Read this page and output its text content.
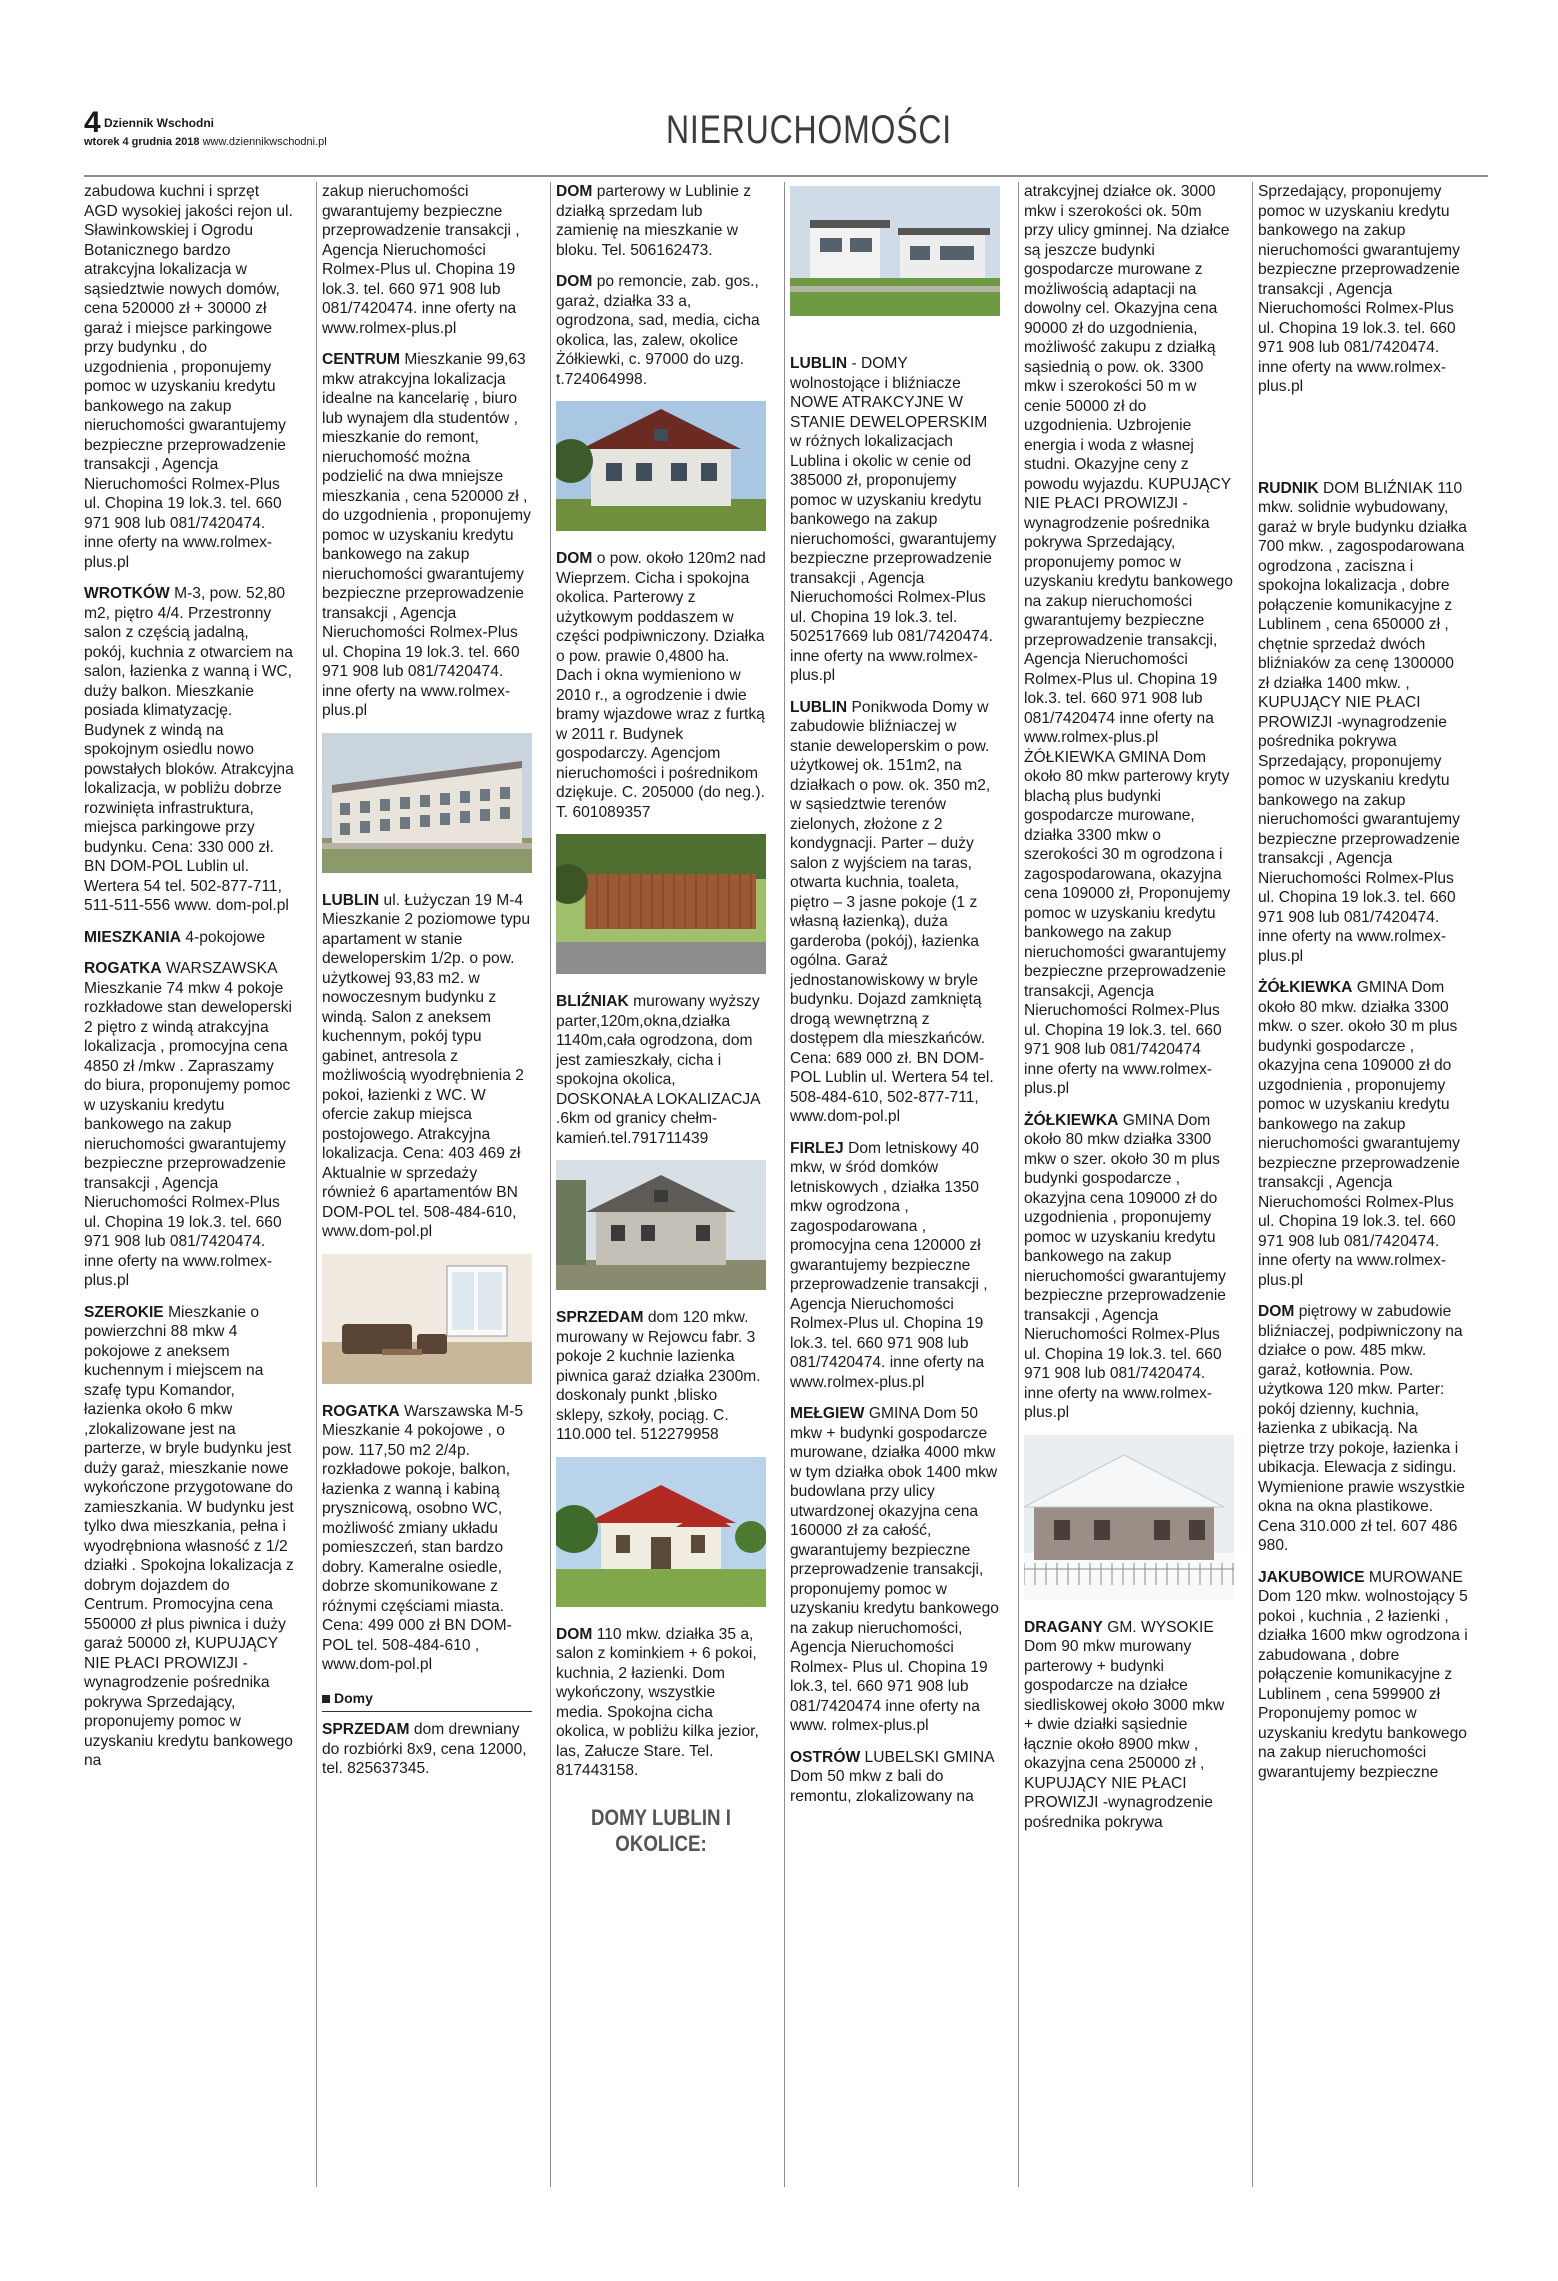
4 Dziennik Wschodni
wtorek 4 grudnia 2018 www.dziennikwschodni.pl	NIERUCHOMOŚCI

zabudowa kuchni i sprzęt AGD wysokiej jakości rejon ul. Sławinkowskiej i Ogrodu Botanicznego bardzo atrakcyjna lokalizacja w sąsiedztwie nowych domów, cena 520000 zł + 30000 zł garaż i miejsce parkingowe przy budynku , do uzgodnienia , proponujemy pomoc w uzyskaniu kredytu bankowego na zakup nieruchomości gwarantujemy bezpieczne przeprowadzenie transakcji , Agencja Nieruchomości Rolmex-Plus ul. Chopina 19 lok.3. tel. 660 971 908 lub 081/7420474. inne oferty na www.rolmex-plus.pl

WROTKÓW M-3, pow. 52,80 m2, piętro 4/4. Przestronny salon z częścią jadalną, pokój, kuchnia z otwarciem na salon, łazienka z wanną i WC, duży balkon. Mieszkanie posiada klimatyzację. Budynek z windą na spokojnym osiedlu nowo powstałych bloków. Atrakcyjna lokalizacja, w pobliżu dobrze rozwinięta infrastruktura, miejsca parkingowe przy budynku. Cena: 330 000 zł. BN DOM-POL Lublin ul. Wertera 54 tel. 502-877-711, 511-511-556 www. dom-pol.pl

MIESZKANIA 4-pokojowe

ROGATKA WARSZAWSKA Mieszkanie 74 mkw 4 pokoje rozkładowe stan deweloperski 2 piętro z windą atrakcyjna lokalizacja , promocyjna cena 4850 zł /mkw . Zapraszamy do biura, proponujemy pomoc w uzyskaniu kredytu bankowego na zakup nieruchomości gwarantujemy bezpieczne przeprowadzenie transakcji , Agencja Nieruchomości Rolmex-Plus ul. Chopina 19 lok.3. tel. 660 971 908 lub 081/7420474. inne oferty na www.rolmex-plus.pl

SZEROKIE Mieszkanie o powierzchni 88 mkw 4 pokojowe z aneksem kuchennym i miejscem na szafę typu Komandor, łazienka około 6 mkw ,zlokalizowane jest na parterze, w bryle budynku jest duży garaż, mieszkanie nowe wykończone przygotowane do zamieszkania. W budynku jest tylko dwa mieszkania, pełna i wyodrębniona własność z 1/2 działki . Spokojna lokalizacja z dobrym dojazdem do Centrum. Promocyjna cena 550000 zł plus piwnica i duży garaż 50000 zł, KUPUJĄCY NIE PŁACI PROWIZJI -wynagrodzenie pośrednika pokrywa Sprzedający, proponujemy pomoc w uzyskaniu kredytu bankowego na

zakup nieruchomości gwarantujemy bezpieczne przeprowadzenie transakcji , Agencja Nieruchomości Rolmex-Plus ul. Chopina 19 lok.3. tel. 660 971 908 lub 081/7420474. inne oferty na www.rolmex-plus.pl

CENTRUM Mieszkanie 99,63 mkw atrakcyjna lokalizacja idealne na kancelarię , biuro lub wynajem dla studentów , mieszkanie do remont, nieruchomość można podzielić na dwa mniejsze mieszkania , cena 520000 zł , do uzgodnienia , proponujemy pomoc w uzyskaniu kredytu bankowego na zakup nieruchomości gwarantujemy bezpieczne przeprowadzenie transakcji , Agencja Nieruchomości Rolmex-Plus ul. Chopina 19 lok.3. tel. 660 971 908 lub 081/7420474. inne oferty na www.rolmex-plus.pl

LUBLIN ul. Łużyczan 19 M-4 Mieszkanie 2 poziomowe typu apartament w stanie deweloperskim 1/2p. o pow. użytkowej 93,83 m2. w nowoczesnym budynku z windą. Salon z aneksem kuchennym, pokój typu gabinet, antresola z możliwością wyodrębnienia 2 pokoi, łazienki z WC. W ofercie zakup miejsca postojowego. Atrakcyjna lokalizacja. Cena: 403 469 zł Aktualnie w sprzedaży również 6 apartamentów BN DOM-POL tel. 508-484-610, www.dom-pol.pl

ROGATKA Warszawska M-5 Mieszkanie 4 pokojowe , o pow. 117,50 m2 2/4p. rozkładowe pokoje, balkon, łazienka z wanną i kabiną prysznicową, osobno WC, możliwość zmiany układu pomieszczeń, stan bardzo dobry. Kameralne osiedle, dobrze skomunikowane z różnymi częściami miasta. Cena: 499 000 zł BN DOM-POL tel. 508-484-610 , www.dom-pol.pl

Domy

SPRZEDAM dom drewniany do rozbiórki 8x9, cena 12000, tel. 825637345.

DOM parterowy w Lublinie z działką sprzedam lub zamienię na mieszkanie w bloku. Tel. 506162473.

DOM po remoncie, zab. gos., garaż, działka 33 a, ogrodzona, sad, media, cicha okolica, las, zalew, okolice Żółkiewki, c. 97000 do uzg. t.724064998.

DOM o pow. około 120m2 nad Wieprzem. Cicha i spokojna okolica. Parterowy z użytkowym poddaszem w części podpiwniczony. Działka o pow. prawie 0,4800 ha. Dach i okna wymieniono w 2010 r., a ogrodzenie i dwie bramy wjazdowe wraz z furtką w 2011 r. Budynek gospodarczy. Agencjom nieruchomości i pośrednikom dziękuje. C. 205000 (do neg.). T. 601089357

BLIŹNIAK murowany wyższy parter,120m,okna,działka 1140m,cała ogrodzona, dom jest zamieszkały, cicha i spokojna okolica, DOSKONAŁA LOKALIZACJA .6km od granicy chełm-kamień.tel.791711439

SPRZEDAM dom 120 mkw. murowany w Rejowcu fabr. 3 pokoje 2 kuchnie lazienka piwnica garaż działka 2300m. doskonaly punkt ,blisko sklepy, szkoły, pociąg. C. 110.000 tel. 512279958

DOM 110 mkw. działka 35 a, salon z kominkiem + 6 pokoi, kuchnia, 2 łazienki. Dom wykończony, wszystkie media. Spokojna cicha okolica, w pobliżu kilka jezior, las, Załucze Stare. Tel. 817443158.

DOMY LUBLIN I OKOLICE:

LUBLIN - DOMY wolnostojące i bliźniacze NOWE ATRAKCYJNE W STANIE DEWELOPERSKIM w różnych lokalizacjach Lublina i okolic w cenie od 385000 zł, proponujemy pomoc w uzyskaniu kredytu bankowego na zakup nieruchomości, gwarantujemy bezpieczne przeprowadzenie transakcji , Agencja Nieruchomości Rolmex-Plus ul. Chopina 19 lok.3. tel. 502517669 lub 081/7420474. inne oferty na www.rolmex-plus.pl

LUBLIN Ponikwoda Domy w zabudowie bliźniaczej w stanie deweloperskim o pow. użytkowej ok. 151m2, na działkach o pow. ok. 350 m2, w sąsiedztwie terenów zielonych, złożone z 2 kondygnacji. Parter – duży salon z wyjściem na taras, otwarta kuchnia, toaleta, piętro – 3 jasne pokoje (1 z własną łazienką), duża garderoba (pokój), łazienka ogólna. Garaż jednostanowiskowy w bryle budynku. Dojazd zamkniętą drogą wewnętrzną z dostępem dla mieszkańców. Cena: 689 000 zł. BN DOM-POL Lublin ul. Wertera 54 tel. 508-484-610, 502-877-711, www.dom-pol.pl

FIRLEJ Dom letniskowy 40 mkw, w śród domków letniskowych , działka 1350 mkw ogrodzona , zagospodarowana , promocyjna cena 120000 zł gwarantujemy bezpieczne przeprowadzenie transakcji , Agencja Nieruchomości Rolmex-Plus ul. Chopina 19 lok.3. tel. 660 971 908 lub 081/7420474. inne oferty na www.rolmex-plus.pl

MEŁGIEW GMINA Dom 50 mkw + budynki gospodarcze murowane, działka 4000 mkw w tym działka obok 1400 mkw budowlana przy ulicy utwardzonej okazyjna cena 160000 zł za całość, gwarantujemy bezpieczne przeprowadzenie transakcji, proponujemy pomoc w uzyskaniu kredytu bankowego na zakup nieruchomości, Agencja Nieruchomości Rolmex- Plus ul. Chopina 19 lok.3, tel. 660 971 908 lub 081/7420474 inne oferty na www. rolmex-plus.pl

OSTRÓW LUBELSKI GMINA Dom 50 mkw z bali do remontu, zlokalizowany na

atrakcyjnej działce ok. 3000 mkw i szerokości ok. 50m przy ulicy gminnej. Na działce są jeszcze budynki gospodarcze murowane z możliwością adaptacji na dowolny cel. Okazyjna cena 90000 zł do uzgodnienia, możliwość zakupu z działką sąsiednią o pow. ok. 3300 mkw i szerokości 50 m w cenie 50000 zł do uzgodnienia. Uzbrojenie energia i woda z własnej studni. Okazyjne ceny z powodu wyjazdu. KUPUJĄCY NIE PŁACI PROWIZJI - wynagrodzenie pośrednika pokrywa Sprzedający, proponujemy pomoc w uzyskaniu kredytu bankowego na zakup nieruchomości gwarantujemy bezpieczne przeprowadzenie transakcji, Agencja Nieruchomości Rolmex-Plus ul. Chopina 19 lok.3. tel. 660 971 908 lub 081/7420474 inne oferty na www.rolmex-plus.pl ŻÓŁKIEWKA GMINA Dom około 80 mkw parterowy kryty blachą plus budynki gospodarcze murowane, działka 3300 mkw o szerokości 30 m ogrodzona i zagospodarowana, okazyjna cena 109000 zł, Proponujemy pomoc w uzyskaniu kredytu bankowego na zakup nieruchomości gwarantujemy bezpieczne przeprowadzenie transakcji, Agencja Nieruchomości Rolmex-Plus ul. Chopina 19 lok.3. tel. 660 971 908 lub 081/7420474 inne oferty na www.rolmex-plus.pl

ŻÓŁKIEWKA GMINA Dom około 80 mkw działka 3300 mkw o szer. około 30 m plus budynki gospodarcze , okazyjna cena 109000 zł do uzgodnienia , proponujemy pomoc w uzyskaniu kredytu bankowego na zakup nieruchomości gwarantujemy bezpieczne przeprowadzenie transakcji , Agencja Nieruchomości Rolmex-Plus ul. Chopina 19 lok.3. tel. 660 971 908 lub 081/7420474. inne oferty na www.rolmex-plus.pl

DRAGANY GM. WYSOKIE Dom 90 mkw murowany parterowy + budynki gospodarcze na działce siedliskowej około 3000 mkw + dwie działki sąsiednie łącznie około 8900 mkw , okazyjna cena 250000 zł , KUPUJĄCY NIE PŁACI PROWIZJI -wynagrodzenie pośrednika pokrywa

Sprzedający, proponujemy pomoc w uzyskaniu kredytu bankowego na zakup nieruchomości gwarantujemy bezpieczne przeprowadzenie transakcji , Agencja Nieruchomości Rolmex-Plus ul. Chopina 19 lok.3. tel. 660 971 908 lub 081/7420474. inne oferty na www.rolmex-plus.pl

RUDNIK DOM BLIŹNIAK 110 mkw. solidnie wybudowany, garaż w bryle budynku działka 700 mkw. , zagospodarowana ogrodzona , zaciszna i spokojna lokalizacja , dobre połączenie komunikacyjne z Lublinem , cena 650000 zł , chętnie sprzedaż dwóch bliźniaków za cenę 1300000 zł działka 1400 mkw. , KUPUJĄCY NIE PŁACI PROWIZJI -wynagrodzenie pośrednika pokrywa Sprzedający, proponujemy pomoc w uzyskaniu kredytu bankowego na zakup nieruchomości gwarantujemy bezpieczne przeprowadzenie transakcji , Agencja Nieruchomości Rolmex-Plus ul. Chopina 19 lok.3. tel. 660 971 908 lub 081/7420474. inne oferty na www.rolmex-plus.pl

ŻÓŁKIEWKA GMINA Dom około 80 mkw. działka 3300 mkw. o szer. około 30 m plus budynki gospodarcze , okazyjna cena 109000 zł do uzgodnienia , proponujemy pomoc w uzyskaniu kredytu bankowego na zakup nieruchomości gwarantujemy bezpieczne przeprowadzenie transakcji , Agencja Nieruchomości Rolmex-Plus ul. Chopina 19 lok.3. tel. 660 971 908 lub 081/7420474. inne oferty na www.rolmex-plus.pl

DOM piętrowy w zabudowie bliźniaczej, podpiwniczony na działce o pow. 485 mkw. garaż, kotłownia. Pow. użytkowa 120 mkw. Parter: pokój dzienny, kuchnia, łazienka z ubikacją. Na piętrze trzy pokoje, łazienka i ubikacja. Elewacja z sidingu. Wymienione prawie wszystkie okna na okna plastikowe. Cena 310.000 zł tel. 607 486 980.

JAKUBOWICE MUROWANE Dom 120 mkw. wolnostojący 5 pokoi , kuchnia , 2 łazienki , działka 1600 mkw ogrodzona i zabudowana , dobre połączenie komunikacyjne z Lublinem , cena 599900 zł Proponujemy pomoc w uzyskaniu kredytu bankowego na zakup nieruchomości gwarantujemy bezpieczne
